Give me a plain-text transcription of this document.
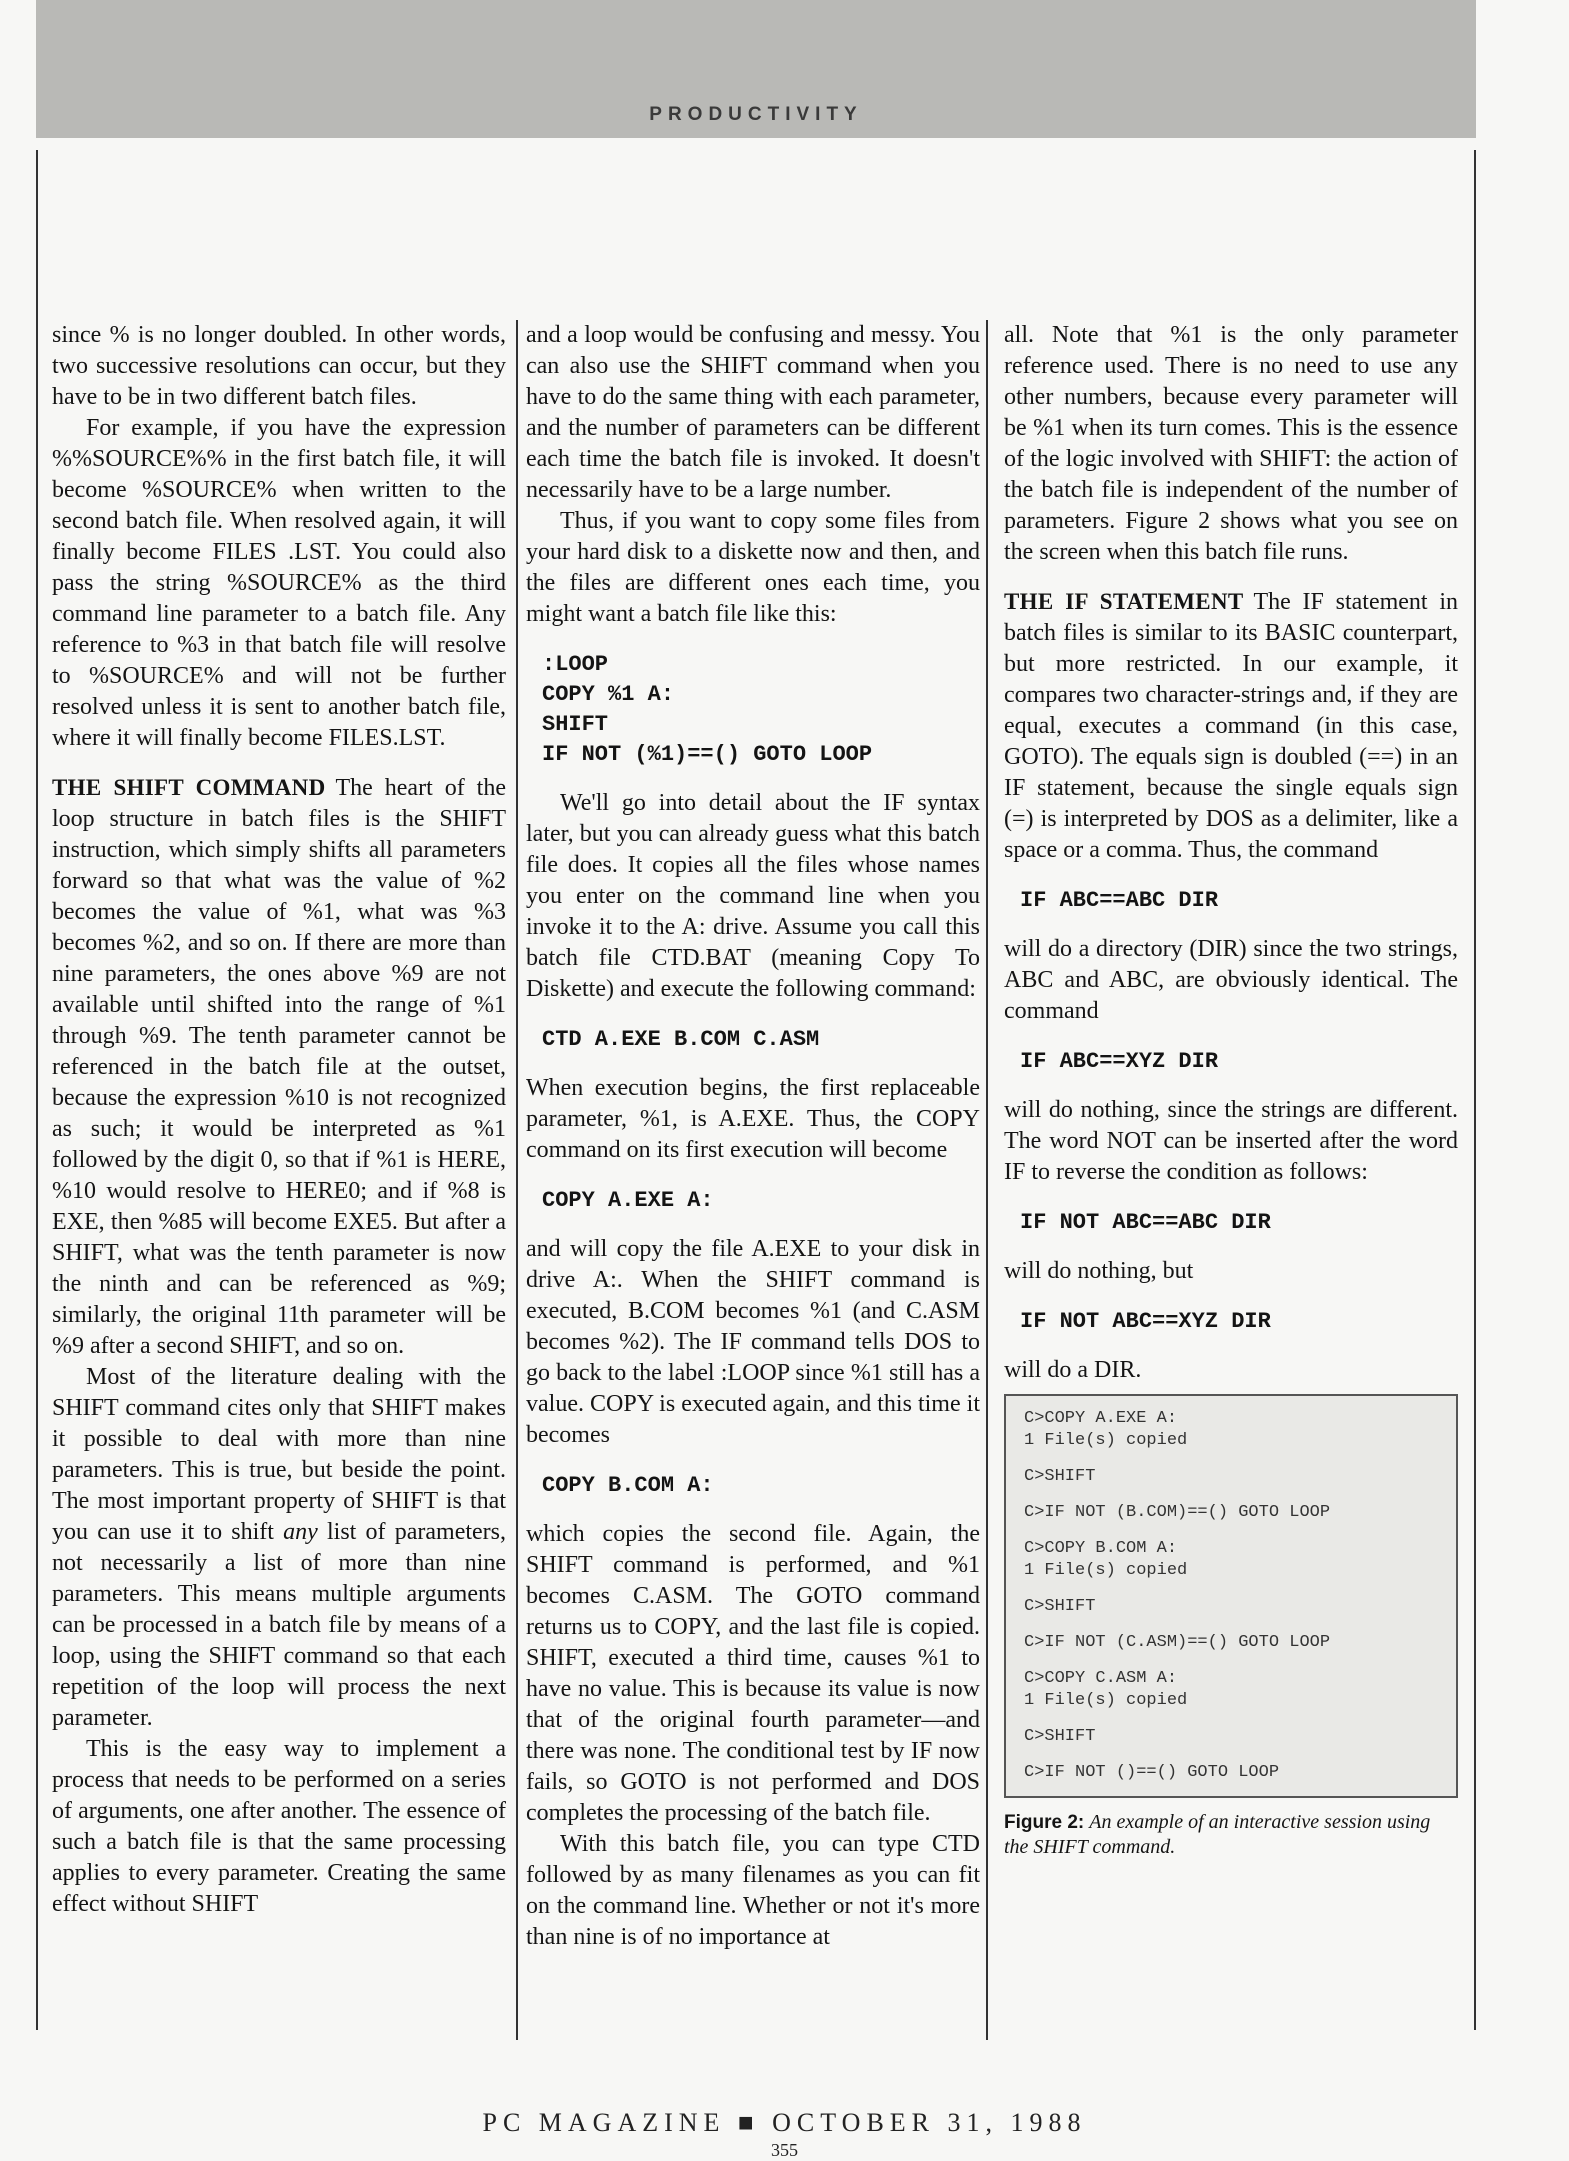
PRODUCTIVITY

since % is no longer doubled. In other words, two successive resolutions can occur, but they have to be in two different batch files.

For example, if you have the expression %%SOURCE%% in the first batch file, it will become %SOURCE% when written to the second batch file. When resolved again, it will finally become FILES .LST. You could also pass the string %SOURCE% as the third command line parameter to a batch file. Any reference to %3 in that batch file will resolve to %SOURCE% and will not be further resolved unless it is sent to another batch file, where it will finally become FILES.LST.

THE SHIFT COMMAND The heart of the loop structure in batch files is the SHIFT instruction, which simply shifts all parameters forward so that what was the value of %2 becomes the value of %1, what was %3 becomes %2, and so on. If there are more than nine parameters, the ones above %9 are not available until shifted into the range of %1 through %9. The tenth parameter cannot be referenced in the batch file at the outset, because the expression %10 is not recognized as such; it would be interpreted as %1 followed by the digit 0, so that if %1 is HERE, %10 would resolve to HERE0; and if %8 is EXE, then %85 will become EXE5. But after a SHIFT, what was the tenth parameter is now the ninth and can be referenced as %9; similarly, the original 11th parameter will be %9 after a second SHIFT, and so on.

Most of the literature dealing with the SHIFT command cites only that SHIFT makes it possible to deal with more than nine parameters. This is true, but beside the point. The most important property of SHIFT is that you can use it to shift any list of parameters, not necessarily a list of more than nine parameters. This means multiple arguments can be processed in a batch file by means of a loop, using the SHIFT command so that each repetition of the loop will process the next parameter.

This is the easy way to implement a process that needs to be performed on a series of arguments, one after another. The essence of such a batch file is that the same processing applies to every parameter. Creating the same effect without SHIFT

and a loop would be confusing and messy. You can also use the SHIFT command when you have to do the same thing with each parameter, and the number of parameters can be different each time the batch file is invoked. It doesn't necessarily have to be a large number.

Thus, if you want to copy some files from your hard disk to a diskette now and then, and the files are different ones each time, you might want a batch file like this:

:LOOP
COPY %1 A:
SHIFT
IF NOT (%1)==() GOTO LOOP

We'll go into detail about the IF syntax later, but you can already guess what this batch file does. It copies all the files whose names you enter on the command line when you invoke it to the A: drive. Assume you call this batch file CTD.BAT (meaning Copy To Diskette) and execute the following command:

CTD A.EXE B.COM C.ASM

When execution begins, the first replaceable parameter, %1, is A.EXE. Thus, the COPY command on its first execution will become

COPY A.EXE A:

and will copy the file A.EXE to your disk in drive A:. When the SHIFT command is executed, B.COM becomes %1 (and C.ASM becomes %2). The IF command tells DOS to go back to the label :LOOP since %1 still has a value. COPY is executed again, and this time it becomes

COPY B.COM A:

which copies the second file. Again, the SHIFT command is performed, and %1 becomes C.ASM. The GOTO command returns us to COPY, and the last file is copied. SHIFT, executed a third time, causes %1 to have no value. This is because its value is now that of the original fourth parameter—and there was none. The conditional test by IF now fails, so GOTO is not performed and DOS completes the processing of the batch file.

With this batch file, you can type CTD followed by as many filenames as you can fit on the command line. Whether or not it's more than nine is of no importance at

all. Note that %1 is the only parameter reference used. There is no need to use any other numbers, because every parameter will be %1 when its turn comes. This is the essence of the logic involved with SHIFT: the action of the batch file is independent of the number of parameters. Figure 2 shows what you see on the screen when this batch file runs.

THE IF STATEMENT The IF statement in batch files is similar to its BASIC counterpart, but more restricted. In our example, it compares two character-strings and, if they are equal, executes a command (in this case, GOTO). The equals sign is doubled (==) in an IF statement, because the single equals sign (=) is interpreted by DOS as a delimiter, like a space or a comma. Thus, the command

IF ABC==ABC DIR

will do a directory (DIR) since the two strings, ABC and ABC, are obviously identical. The command

IF ABC==XYZ DIR

will do nothing, since the strings are different. The word NOT can be inserted after the word IF to reverse the condition as follows:

IF NOT ABC==ABC DIR

will do nothing, but

IF NOT ABC==XYZ DIR

will do a DIR.

C>COPY A.EXE A:
1 File(s) copied
C>SHIFT
C>IF NOT (B.COM)==() GOTO LOOP
C>COPY B.COM A:
1 File(s) copied
C>SHIFT
C>IF NOT (C.ASM)==() GOTO LOOP
C>COPY C.ASM A:
1 File(s) copied
C>SHIFT
C>IF NOT ()==() GOTO LOOP
Figure 2: An example of an interactive session using the SHIFT command.
PC MAGAZINE ■ OCTOBER 31, 1988
355
